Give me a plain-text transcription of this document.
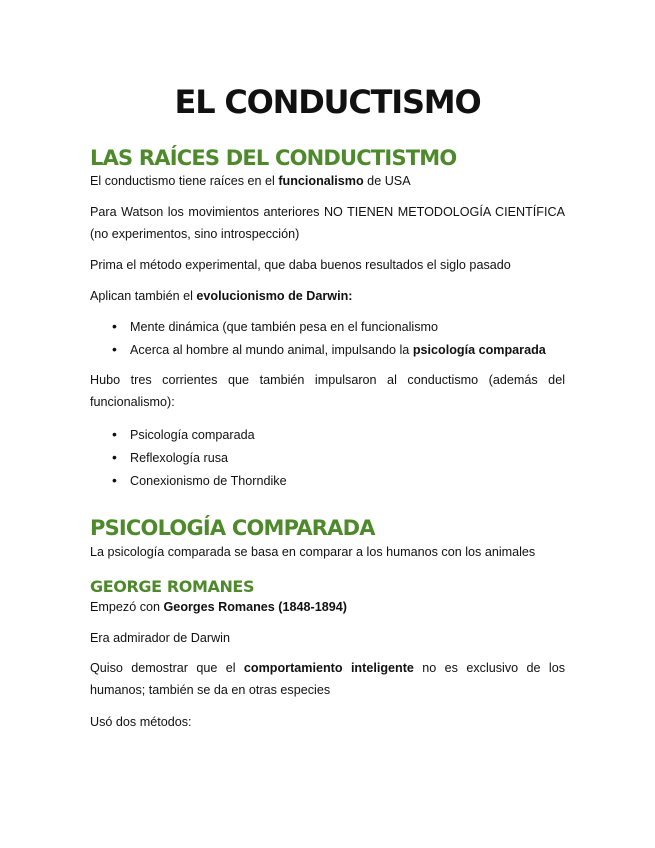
EL CONDUCTISMO
LAS RAÍCES DEL CONDUCTISTMO

El conductismo tiene raíces en el funcionalismo de USA

Para Watson los movimientos anteriores NO TIENEN METODOLOGÍA CIENTÍFICA (no experimentos, sino introspección)

Prima el método experimental, que daba buenos resultados el siglo pasado

Aplican también el evolucionismo de Darwin:

• Mente dinámica (que también pesa en el funcionalismo
• Acerca al hombre al mundo animal, impulsando la psicología comparada

Hubo tres corrientes que también impulsaron al conductismo (además del funcionalismo):

• Psicología comparada
• Reflexología rusa
• Conexionismo de Thorndike
PSICOLOGÍA COMPARADA

La psicología comparada se basa en comparar a los humanos con los animales

GEORGE ROMANES

Empezó con Georges Romanes (1848-1894)

Era admirador de Darwin

Quiso demostrar que el comportamiento inteligente no es exclusivo de los humanos; también se da en otras especies

Usó dos métodos:
